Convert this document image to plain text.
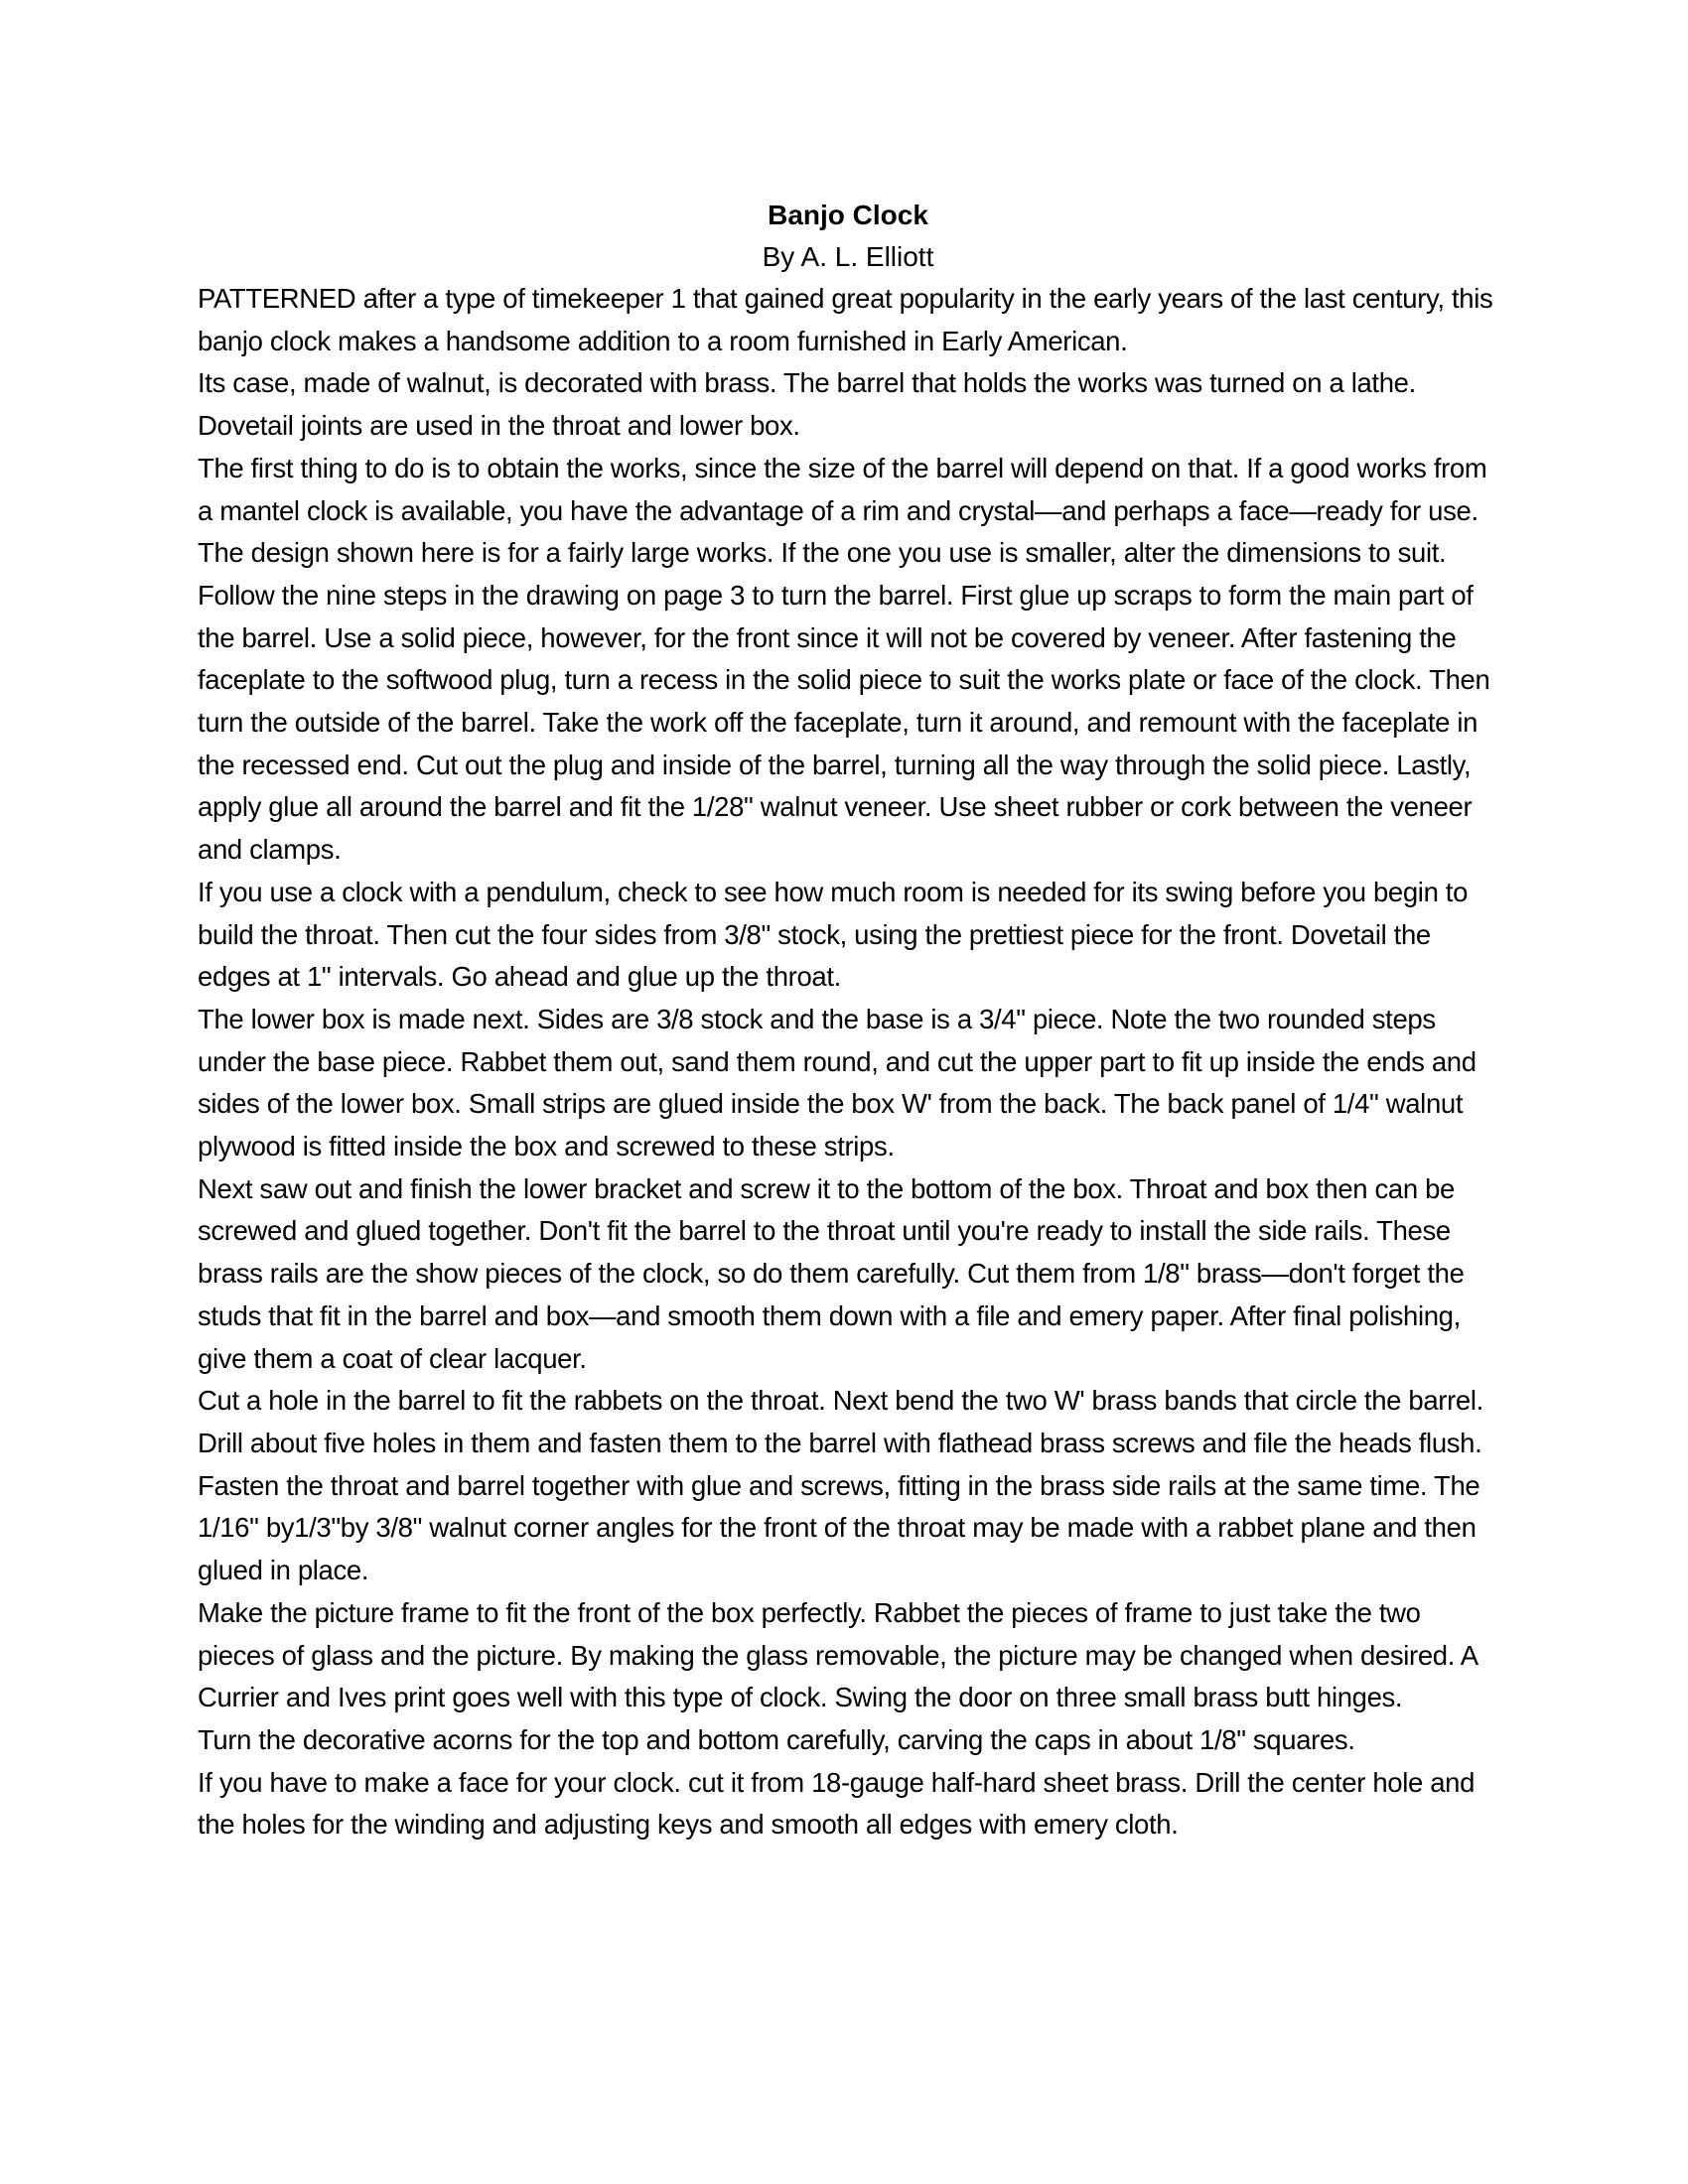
Banjo Clock

By A. L. Elliott

PATTERNED after a type of timekeeper 1 that gained great popularity in the early years of the last century, this banjo clock makes a handsome addition to a room furnished in Early American.

Its case, made of walnut, is decorated with brass. The barrel that holds the works was turned on a lathe. Dovetail joints are used in the throat and lower box.

The first thing to do is to obtain the works, since the size of the barrel will depend on that. If a good works from a mantel clock is available, you have the advantage of a rim and crystal—and perhaps a face—ready for use. The design shown here is for a fairly large works. If the one you use is smaller, alter the dimensions to suit.

Follow the nine steps in the drawing on page 3 to turn the barrel. First glue up scraps to form the main part of the barrel. Use a solid piece, however, for the front since it will not be covered by veneer. After fastening the faceplate to the softwood plug, turn a recess in the solid piece to suit the works plate or face of the clock. Then turn the outside of the barrel. Take the work off the faceplate, turn it around, and remount with the faceplate in the recessed end. Cut out the plug and inside of the barrel, turning all the way through the solid piece. Lastly, apply glue all around the barrel and fit the 1/28" walnut veneer. Use sheet rubber or cork between the veneer and clamps.

If you use a clock with a pendulum, check to see how much room is needed for its swing before you begin to build the throat. Then cut the four sides from 3/8" stock, using the prettiest piece for the front. Dovetail the edges at 1" intervals. Go ahead and glue up the throat.

The lower box is made next. Sides are 3/8 stock and the base is a 3/4" piece. Note the two rounded steps under the base piece. Rabbet them out, sand them round, and cut the upper part to fit up inside the ends and sides of the lower box. Small strips are glued inside the box W' from the back. The back panel of 1/4" walnut plywood is fitted inside the box and screwed to these strips.

Next saw out and finish the lower bracket and screw it to the bottom of the box. Throat and box then can be screwed and glued together. Don't fit the barrel to the throat until you're ready to install the side rails. These brass rails are the show pieces of the clock, so do them carefully. Cut them from 1/8" brass—don't forget the studs that fit in the barrel and box—and smooth them down with a file and emery paper. After final polishing, give them a coat of clear lacquer.

Cut a hole in the barrel to fit the rabbets on the throat. Next bend the two W' brass bands that circle the barrel. Drill about five holes in them and fasten them to the barrel with flathead brass screws and file the heads flush. Fasten the throat and barrel together with glue and screws, fitting in the brass side rails at the same time. The 1/16" by1/3"by 3/8" walnut corner angles for the front of the throat may be made with a rabbet plane and then glued in place.

Make the picture frame to fit the front of the box perfectly. Rabbet the pieces of frame to just take the two pieces of glass and the picture. By making the glass removable, the picture may be changed when desired. A Currier and Ives print goes well with this type of clock. Swing the door on three small brass butt hinges.

Turn the decorative acorns for the top and bottom carefully, carving the caps in about 1/8" squares.

If you have to make a face for your clock. cut it from 18-gauge half-hard sheet brass. Drill the center hole and the holes for the winding and adjusting keys and smooth all edges with emery cloth.
